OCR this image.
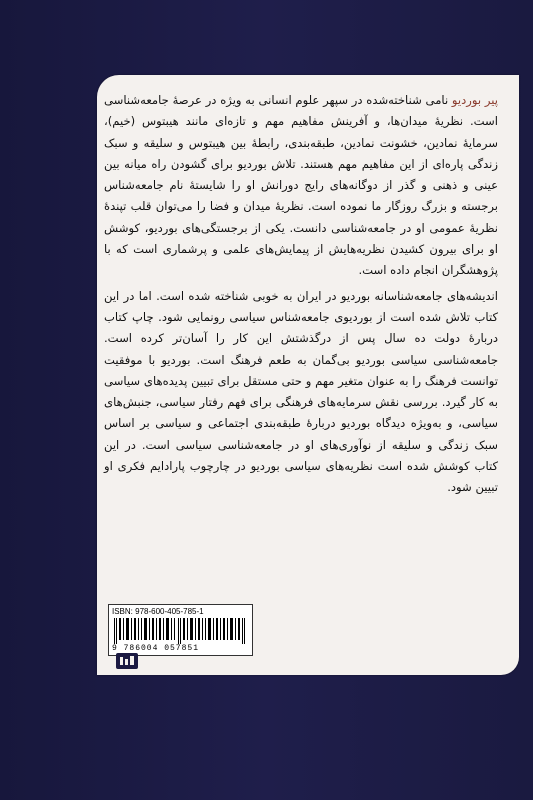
پیر بوردیو نامی شناخته‌شده در سپهر علوم انسانی به ویژه در عرصهٔ جامعه‌شناسی است. نظریهٔ میدان‌ها، و آفرینش مفاهیم مهم و تازه‌ای مانند هیبتوس (خیم)، سرمایهٔ نمادین، خشونت نمادین، طبقه‌بندی، رابطهٔ بین هیبتوس و سلیقه و سبک زندگی پاره‌ای از این مفاهیم مهم هستند. تلاش بوردیو برای گشودن راه میانه بین عینی و ذهنی و گذر از دوگانه‌های رایج دورانش او را شایستهٔ نام جامعه‌شناس برجسته و بزرگ روزگار ما نموده است. نظریهٔ میدان و فضا را می‌توان قلب تپندهٔ نظریهٔ عمومی او در جامعه‌شناسی دانست. یکی از برجستگی‌های بوردیو، کوشش او برای بیرون کشیدن نظریه‌هایش از پیمایش‌های علمی و پرشماری است که با پژوهشگران انجام داده است.

اندیشه‌های جامعه‌شناسانه بوردیو در ایران به خوبی شناخته شده است. اما در این کتاب تلاش شده است از بوردیوی جامعه‌شناس سیاسی رونمایی شود. چاپ کتاب درباره‌ٔ دولت ده سال پس از درگذشتش این کار را آسان‌تر کرده است. جامعه‌شناسی سیاسی بوردیو بی‌گمان به طعم فرهنگ است. بوردیو با موفقیت توانست فرهنگ را به عنوان متغیر مهم و حتی مستقل برای تبیین پدیده‌های سیاسی به کار گیرد. بررسی نقش سرمایه‌های فرهنگی برای فهم رفتار سیاسی، جنبش‌های سیاسی، و به‌ویژه دیدگاه بوردیو دربارهٔ طبقه‌بندی اجتماعی و سیاسی بر اساس سبک زندگی و سلیقه از نوآوری‌های او در جامعه‌شناسی سیاسی است. در این کتاب کوشش شده است نظریه‌های سیاسی بوردیو در چارچوب پارادایم فکری او تبیین شود.

ISBN: 978-600-405-785-1
9 786004 057851
